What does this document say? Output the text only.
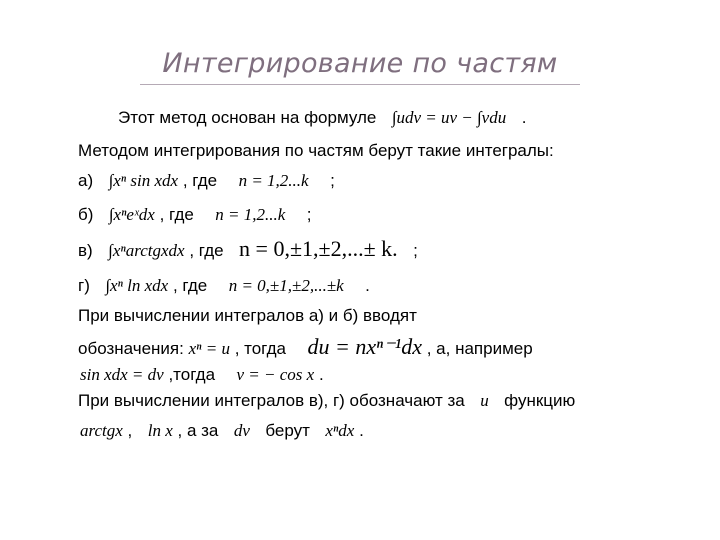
Интегрирование по частям
Этот метод основан на формуле ∫udv = uv − ∫vdu .
Методом интегрирования по частям берут такие интегралы:
а) ∫xⁿ sin xdx , где n = 1,2...k ;
б) ∫xⁿeˣdx , где n = 1,2...k ;
в) ∫xⁿarctgxdx , где n = 0,±1,±2,...± k. ;
г) ∫xⁿ ln xdx , где n = 0,±1,±2,...±k .
При вычислении интегралов а) и б) вводят
обозначения: xⁿ = u , тогда du = nxⁿ⁻¹dx , а, например
sin xdx = dv ,тогда v = − cos x .
При вычислении интегралов в), г) обозначают за u функцию
arctgx , ln x , а за dv берут xⁿdx .
